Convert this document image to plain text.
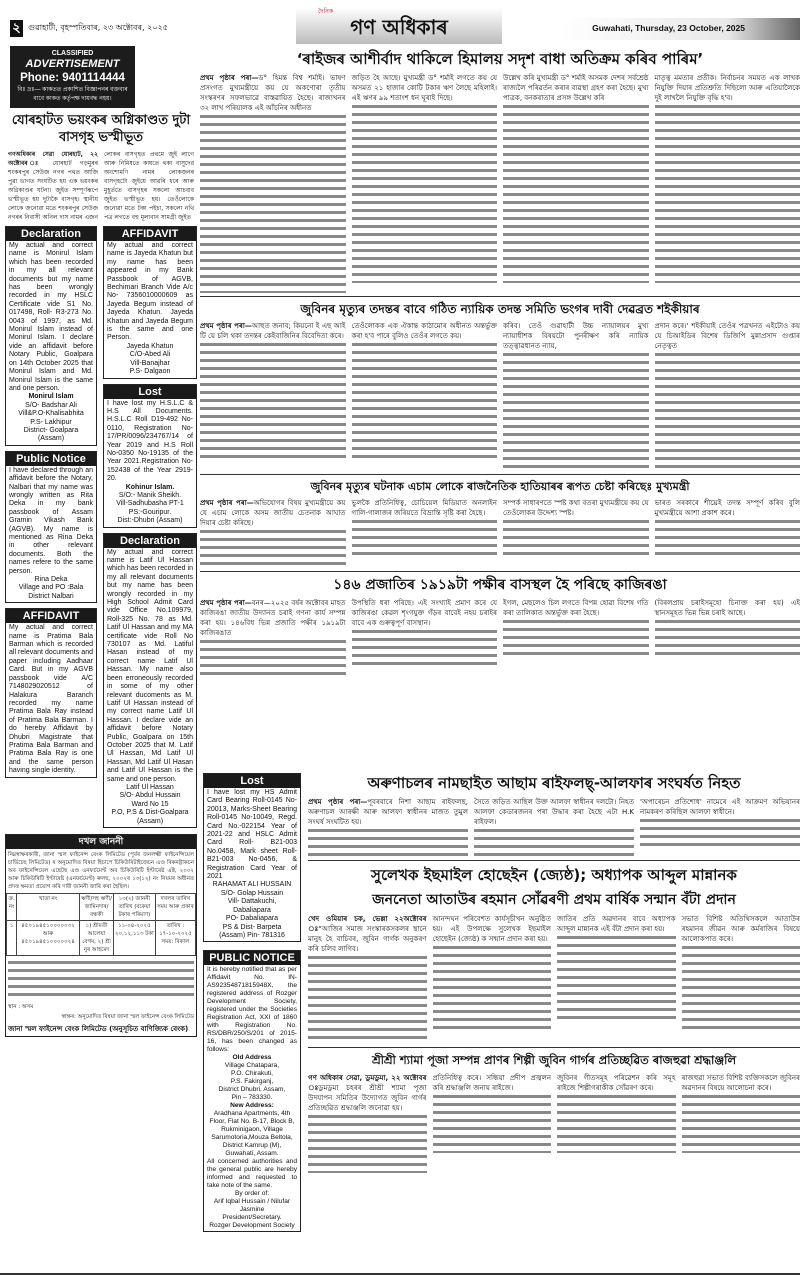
২ গুৱাহাটী, বৃহস্পতিবাৰ, ২৩ অক্টোবৰ, ২০২৫
দৈনিক
গণ অধিকাৰ	Guwahati, Thursday, 23 October, 2025
CLASSIFIED
ADVERTISEMENT
Phone: 9401114444
বিঃ দ্ৰঃ— কাকতত প্ৰকাশিত বিজ্ঞাপনৰ বক্তব্যৰ বাবে কাকত কৰ্তৃপক্ষ দায়বদ্ধ নহয়।
যোৰহাটত ভয়ংকৰ অগ্নিকাণ্ডত দুটা বাসগৃহ ভস্মীভূত
গণঅধিকাৰ সেৱা যোৰহাট, ২২ অক্টোবৰ ঃ যোৰহাট গড়মুৰৰ শংকৰপুৰ সেউজ নগৰ পথত আজি পুৱা ভাগত সংঘটিত হয় এক ভয়ংকৰ অগ্নিকাণ্ডৰ ঘটনা। জুইত সম্পূৰ্ণৰূপে ভস্মীভূত হয় দুটাকৈ বাসগৃহ। স্থানীয় লোকে জনোৱা মতে শংকৰপুৰ সেউজ নগৰৰ নিবাসী অনিল দাস নামৰ এজন লোকৰ বাসগৃহত প্ৰথমে জুই লাগে আৰু নিমিষতে কাষতে থকা বাসুদেৱ অংশোমণি নামৰ লোকজনৰ বাসগৃহটো জুইয়ে আৱৰি ধৰে আৰু মুহূৰ্ততে বাসগৃহৰ সকলো আচবাব জুইত ভস্মীভূত হয়। তেওঁলোকে জনোৱা মতে টকা পইচা, সকলো নথি পত্ৰ লগতে বহু মূল্যবান সামগ্ৰী জুইত
Declaration
My actual and correct name is Monirul Islam which has been recorded in my all relevant documents but my name has been wrongly recorded in my HSLC Certificate vide S1 No. 017498, Roll- R3-273 No. 0043 of 1997, as Md. Monirul Islam instead of Monirul Islam. I declare vide an affidavit before Notary Public, Goalpara on 14th October 2025 that Monirul Islam and Md. Monirul Islam is the same and one person.
Monirul Islam
S/O- Badshar Ali
Vill&P.O-Khalisabhita
P.S- Lakhipur
District- Goalpara
(Assam)
Public Notice
I have declared through an affidavit before the Notary, Nalbari that my name was wrongly written as Rita Deka in my bank passbook of Assam Gramin Vikash Bank (AGVB). My name is mentioned as Rina Deka in other relevant documents. Both the names refere to the same person.
Rina Deka
Village and PO :Bala
District Nalbari
AFFIDAVIT
My actual and correct name is Pratima Bala Barman which is recorded all relevant documents and paper including Aadhaar Card. But in my AGVB passbook vide A/C 7148029020512 of Halakura Baranch recorded my name Pratima Bala Ray instead of Pratima Bala Barman. I do hereby Affidavit by Dhubri Magistrate that Pratima Bala Barman and Pratima Bala Ray is one and the same person having single identity.
AFFIDAVIT
My actual and correct name is Jayeda Khatun but my name has been appeared in my Bank Passbook of AGVB, Bechimari Branch Vide A/c No- 7356010000609 as Jayeda Begum instead of Jayeda Khatun. Jayeda Khatun and Jayeda Begum is the same and one Person.
Jayeda Khatun
C/O-Abed Ali
Vill-Banajhar
P.S- Dalgaon
Lost
I have lost my H.S.L.C & H.S All Documents. H.S.L.C Roll D19-492 No-0110, Registration No-17/PR/0096/234767/14 of Year 2019 and H.S Roll No-0350 No-19135 of the Year 2021.Registration No-152438 of the Year 2919-20.
Kohinur Islam.
S/O:- Manik Sheikh.
Vill-Sadhubasha PT-1
PS:-Gouripur.
Dist:-Dhubri (Assam)
Declaration
My actual and correct name is Latif Ul Hassan which has been recorded in my all relevant documents but my name has been wrongly recorded in my High School Admit Card vide Office No.109979, Roll-325 No. 78 as Md. Latif Ul Hassan and my MA certificate vide Roll No 730107 as Md. Latiful Hasan instead of my correct name Latif Ul Hassan. My name also been erroneously recorded in some of my other relevant ducoments as M. Latif Ul Hassan instead of my correct name Latif Ul Hassan. I declare vide an affidavit before Notary Public, Goalpara on 15th October 2025 that M. Latif Ul Hassan, Md Latif Ul Hassan, Md Latif Ul Hasan and Latif Ul Hassan is the same and one person.
Latif Ul Hassan
S/O- Abdul Hussain
Ward No 15
P.O, P.S & Dist-Goalpara
(Assam)
দখল জাননী
নিম্নস্বাক্ষৰকাৰী, জানা স্মল ফাইনেন্স বেংক লিমিটেড (পূৰ্বৰ জনলক্ষ্মী ফাইনেন্সিয়েল চাৰ্ভিচেছ লিমিটেড) ৰ অনুমোদিত বিষয়া হিচাপে চিকিউৰিটাইজেচন এণ্ড ৰিকনষ্ট্ৰাকচন অব ফাইনেন্সিয়েল এছেটছ এণ্ড এনফৰ্চমেণ্ট অব চিকিউৰিটি ইণ্টাৰেষ্ট এক্ট, ২০০২ আৰু চিকিউৰিটি ইণ্টাৰেষ্ট (এনফৰ্চমেণ্ট) ৰুলছ, ২০০২ৰ ১৩(১২) নং নিয়মৰ অধীনত প্ৰদত্ত ক্ষমতা প্ৰয়োগ কৰি দাবী জাননী জাৰি কৰা হৈছিল।
ক্ৰ. নং	খাতা নং	ঋণী/সহ ঋণী/জামিনদাৰ/ বন্ধকী	১৩(২) জাননী তাৰিখ (বকেয়া টকাৰ পৰিমাণ)	দখলৰ তাৰিখ সময় আৰু প্ৰকাৰ
১	৪৫০১৯৪৫১০০০০০৩২ আৰু ৪৫০১৯৪৫১০০০০০২৪	১) শ্ৰীমতী আলেয়া বেগম, ২) শ্ৰী নুৰ আহমেদ	১১-০৪-২০২৫ ২০,১২,১১৩ টকা	তাৰিখ : ১৭-১০-২০২৫ সময়: বিকাল
স্থান : অসম
স্বাক্ষৰ: অনুমোদিত বিষয়া জানা স্মল ফাইনেন্স বেংক লিমিটেড
জানা স্মল ফাইনেন্স বেংক লিমিটেড (অনুসূচিত বাণিজ্যিক বেংক)
Lost
I have lost my HS Admit Card Bearing Roll-0145 No-20013, Marks-Sheet Bearing Roll-0145 No-10049, Regd. Card No.-022154 Year of 2021-22 and HSLC Admit Card Roll- B21-003 No.0458, Mark sheet Roll-B21-003 No-0456, & Registration Card Year of 2021
RAHAMAT ALI HUSSAIN
S/O- Golap Hussain
Vill- Dattakuchi,
Dabaliapara
PO- Dabaliapara
PS & Dist- Barpeta
(Assam) Pin- 781316
PUBLIC NOTICE
It is hereby notified that as per Affidavit No. IN-AS92354871815948X, the registered address of Rozger Development Society, registered under the Societies Registration Act, XXI of 1860 with Registration No. RS/DBR/250/S/201 of 2015-16, has been changed as follows:
Old Address
Village Chatapara,
P.O. Chirakuti,
P.S. Fakirganj,
District Dhubri, Assam,
Pin – 783330.
New Address:
Aradhana Apartments, 4th Floor, Flat No. B-17, Block B, Rukminigaon, Village Sarumotoria,Mouza Beltola, District Kamrup (M), Guwahati, Assam.
All concerned authorities and the general public are hereby informed and requested to take note of the same.
By order of:
Arif Iqbal Hussain / Nilufar Jasmine
President/Secretary.
Rozger Development Society
‘ৰাইজৰ আশীৰ্বাদ থাকিলে হিমালয় সদৃশ বাধা অতিক্ৰম কৰিব পাৰিম’
প্ৰথম পৃষ্ঠাৰ পৰা—ড° হিমন্ত বিশ্ব শৰ্মাই। ভাষণ প্ৰসংগত মুখ্যমন্ত্ৰীয়ে কয় যে অকণোৰা তৃতীয় সংস্কৰণৰ সফলভাৱে বাস্তৱায়িত হৈছে। ৰাজ্যখনৰ ৩২ লাখ পৰিয়ালক এই আঁচনিৰ অধীনত
জড়িত হৈ আছে। মুখ্যমন্ত্ৰী ড° শৰ্মাই লগতে কয় যে অসমত ২১ হাজাৰ কোটি টকাৰ ঋণ লৈছে মহিলাই। এই ঋণৰ ৯৯ শতাংশ ধন ঘূৰাই দিছে।
উল্লেখ কৰি মুখ্যমন্ত্ৰী ড° শৰ্মাই অসমক দেশৰ সৰ্বশ্ৰেষ্ঠ ৰাজ্যলৈ পৰিৱৰ্তন কৰাৰ ব্যৱস্থা গ্ৰহণ কৰা হৈছে। মুখ্য পাত্ৰক, বনকৰাতাৰ প্ৰসঙ্গ উল্লেখ কৰি
মাতৃত্ব মমতাৰ প্ৰতীক। নিৰ্বাচনৰ সময়ত এক লাখক নিযুক্তি দিয়াৰ প্ৰতিশ্ৰুতি দিছিলো আৰু এতিয়ালৈকে দুই লাখলৈ নিযুক্তি বৃদ্ধি হ'ব।
জুবিনৰ মৃত্যুৰ তদন্তৰ বাবে গঠিত ন্যায়িক তদন্ত সমিতি ভংগৰ দাবী দেৱব্ৰত শইকীয়াৰ
প্ৰথম পৃষ্ঠাৰ পৰা—আহুত জনাব; কিয়নো ই এছ আই টি য়ে চলি থকা তদন্তৰ কেইবাজিনিৰ বিবেদিতা কৰে।
তেওঁলোকক এক ঐকান্ত কাঠামোৰ অধীনত অন্তৰ্ভুক্ত কৰা হ'ব পাৰে বুলিও তেওঁৰ লগতে কয়।
কৰিব। তেওঁ গুৱাহাটী উচ্চ ন্যায়ালয়ৰ মুখ্য ন্যায়াধীশক বিষয়টো পুনৰীক্ষণ কৰি ন্যায়িক তত্ত্বাৱধানত ন্যায়,
প্ৰদান কৰে।' শইকীয়াই তেওঁৰ পত্ৰখনত এইটোও কয় যে চিআইডিৰ বিশেষ ডিজিপি মুন্নাপ্ৰসাদ গুপ্তাৰ নেতৃত্বত
জুবিনৰ মৃত্যুৰ ঘটনাক এচাম লোকে ৰাজনৈতিক হাতিয়াৰৰ ৰূপত চেষ্টা কৰিছেঃ মুখ্যমন্ত্ৰী
প্ৰথম পৃষ্ঠাৰ পৰা—অভিযোগৰ বিষয় মুখ্যমন্ত্ৰীয়ে কয় যে এচাম লোকে অসম জাতীয় চেতনাক আঘাত দিয়াৰ চেষ্টা কৰিছে।
ভুলকৈ প্ৰতিনিধিত্ব, চোচিয়েল মিডিয়াত অনলাইন গালি-গালাজৰ জৰিয়তে বিভ্ৰান্তি সৃষ্টি কৰা হৈছে।
সম্পৰ্ক সাধাৰণতে স্পষ্ট কথা বতৰা মুখ্যমন্ত্ৰীয়ে কয় যে তেওঁলোকৰ উদ্দেশ্য স্পষ্ট।
ভাৰত সৰকাৰে শীঘ্ৰেই তদন্ত সম্পূৰ্ণ কৰিব বুলি মুখ্যমন্ত্ৰীয়ে আশা প্ৰকাশ কৰে।
১৪৬ প্ৰজাতিৰ ১৯১৯টা পক্ষীৰ বাসস্থল হৈ পৰিছে কাজিৰঙা
প্ৰথম পৃষ্ঠাৰ পৰা—বনৰ—২০২৫ বৰ্ষৰ অক্টোবৰ মাহত কাজিৰঙা জাতীয় উদ্যানত চৰাই গণনা কাৰ্য সম্পন্ন কৰা হয়। ১৪৬বিধ ভিন্ন প্ৰজাতি পক্ষীৰ ১৯১৯টা কাজিৰঙাত
উপস্থিতি ধৰা পৰিছে। এই সংখ্যাই প্ৰমাণ কৰে যে কাজিৰঙা কেৱল শৃংগযুক্ত গঁড়ৰ বাবেই নহয় চৰাইৰ বাবে এক গুৰুত্বপূৰ্ণ বাসস্থান।
ইগল, মেছলেও চিল লগতে বিপন্ন হোৱা বিশেষ গতি কৰা তালিকাত অন্তৰ্ভুক্ত কৰা হৈছে।
(বিৰলপ্ৰায় চৰাইসমূহো চিনাক্ত কৰা হয়) এই স্থানসমূহত ভিন্ন ভিন্ন চৰাই আছে।
অৰুণাচলৰ নামছাইত আছাম ৰাইফলছ্‌-আলফাৰ সংঘৰ্ষত নিহত
প্ৰথম পৃষ্ঠাৰ পৰা—পূবৰবাৰে নিশা আছাম ৰাইফলছ, অৰুণাচল আৰক্ষী আৰু আলফা স্বাধীনৰ মাজত তুমুল সংঘৰ্ষ সংঘটিত হয়।
সৈতে জড়িত আছিল উক্ত আলফা স্বাধীনৰ দলটো। নিহত আলফা কেডাৰজনৰ পৰা উদ্ধাৰ কৰা হৈছে এটা H.K ৰাইফল।
'অপাৰেচন প্ৰতিশোধ' নামেৰে এই আক্ৰমণ অভিযানৰ নামকৰণ কৰিছিল আলফা স্বাধীনে।
সুলেখক ইছমাইল হোছেইন (জ্যেষ্ঠ); অধ্যাপক আব্দুল মান্নানক
জননেতা আতাউৰ ৰহমান সোঁৱৰণী প্ৰথম বাৰ্ষিক সন্মান বঁটা প্ৰদান
খেদ ওমিয়াৰ চক, ভেল্লা ২২অক্টোবৰ ঃ“আজিৰ সমাজ সংস্কাৰকসকলৰ স্থানে মানুহ হৈ বাচিবৰ, জুবিন গাৰ্গক অনুকৰণ কৰি চলিব লাগিব।
আনন্দঘন পৰিবেশত কাৰ্যসূচীখন অনুষ্ঠিত হয়। এই উপলক্ষে সুলেখক ইছমাইল হোছেইন (জ্যেষ্ঠ) ক সন্মান প্ৰদান কৰা হয়।
জাতিৰ প্ৰতি অৱদানৰ বাবে অধ্যাপক আব্দুল মান্নানক এই বঁটা প্ৰদান কৰা হয়।
সভাত বিশিষ্ট অতিথিসকলে আতাউৰ ৰহমানৰ জীৱন আৰু কৰ্মৰাজিৰ বিষয়ে আলোকপাত কৰে।
শ্ৰীশ্ৰী শ্যামা পূজা সম্পন্ন প্ৰাণৰ শিল্পী জুবিন গাৰ্গৰ প্ৰতিচ্ছৱিত ৰাজহুৱা শ্ৰদ্ধাঞ্জলি
গণ অধিকাৰ সেৱা, ডুমডুমা, ২২ অক্টোবৰ ঃডুমডুমা চহৰৰ শ্ৰীশ্ৰী শ্যামা পূজা উদযাপন সমিতিৰ উদ্যোগত জুবিন গাৰ্গৰ প্ৰতিচ্ছৱিত শ্ৰদ্ধাঞ্জলি জনোৱা হয়।
প্ৰতিনিধিত্ব কৰে। সন্ধিয়া প্ৰদীপ প্ৰজ্বলন কৰি শ্ৰদ্ধাঞ্জলি জনায় ৰাইজে।
জুবিনৰ গীতসমূহ পৰিৱেশন কৰি সমূহ ৰাইজে শিল্পীগৰাকীক সোঁৱৰণ কৰে।
ৰাজহুৱা সভাত বিশিষ্ট ব্যক্তিসকলে জুবিনৰ অৱদানৰ বিষয়ে আলোচনা কৰে।
